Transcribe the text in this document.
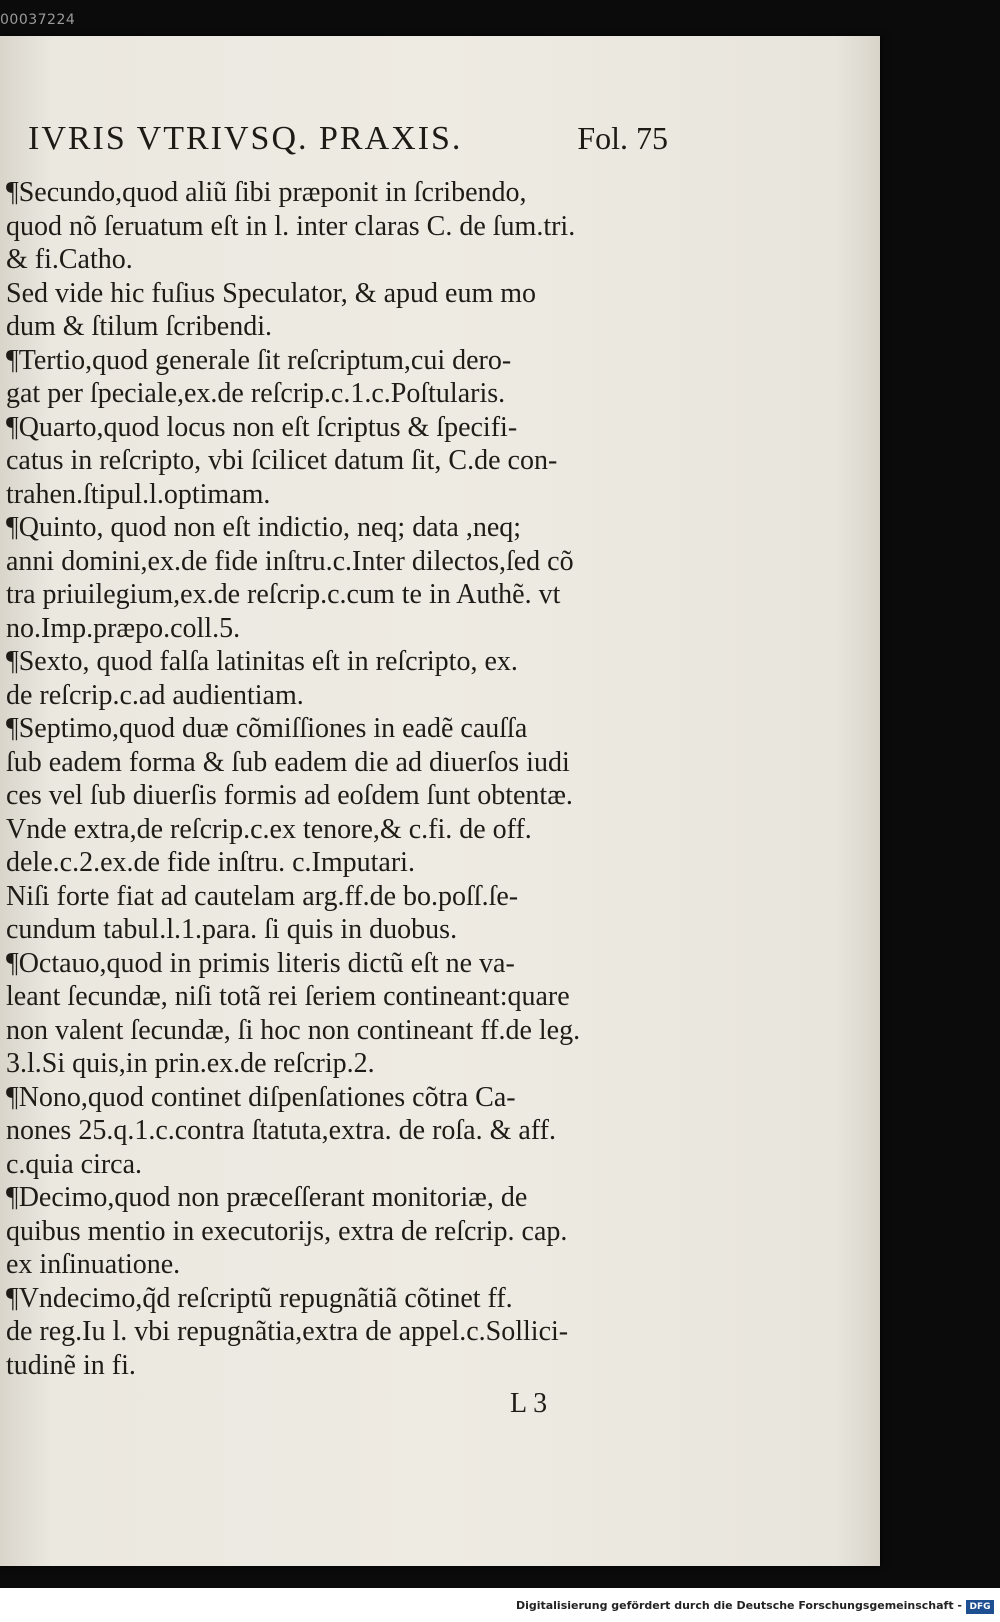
00037224
IVRIS VTRIVSQ. PRAXIS.	Fol. 75
¶Secundo,quod aliũ ſibi præponit in ſcribendo,
quod nõ ſeruatum eſt in l. inter claras C. de ſum.tri.
& fi.Catho.
Sed vide hic fuſius Speculator, & apud eum mo
dum & ſtilum ſcribendi.
¶Tertio,quod generale ſit reſcriptum,cui dero-
gat per ſpeciale,ex.de reſcrip.c.1.c.Poſtularis.
¶Quarto,quod locus non eſt ſcriptus & ſpecifi-
catus in reſcripto, vbi ſcilicet datum ſit, C.de con-
trahen.ſtipul.l.optimam.
¶Quinto, quod non eſt indictio, neq; data ,neq;
anni domini,ex.de fide inſtru.c.Inter dilectos,ſed cõ
tra priuilegium,ex.de reſcrip.c.cum te in Authẽ. vt
no.Imp.præpo.coll.5.
¶Sexto, quod falſa latinitas eſt in reſcripto, ex.
de reſcrip.c.ad audientiam.
¶Septimo,quod duæ cõmiſſiones in eadẽ cauſſa
ſub eadem forma & ſub eadem die ad diuerſos iudi
ces vel ſub diuerſis formis ad eoſdem ſunt obtentæ.
Vnde extra,de reſcrip.c.ex tenore,& c.fi. de off.
dele.c.2.ex.de fide inſtru. c.Imputari.
Niſi forte fiat ad cautelam arg.ff.de bo.poſſ.ſe-
cundum tabul.l.1.para. ſi quis in duobus.
¶Octauo,quod in primis literis dictũ eſt ne va-
leant ſecundæ, niſi totã rei ſeriem contineant:quare
non valent ſecundæ, ſi hoc non contineant ff.de leg.
3.l.Si quis,in prin.ex.de reſcrip.2.
¶Nono,quod continet diſpenſationes cõtra Ca-
nones 25.q.1.c.contra ſtatuta,extra. de roſa. & aff.
c.quia circa.
¶Decimo,quod non præceſſerant monitoriæ, de
quibus mentio in executorijs, extra de reſcrip. cap.
ex inſinuatione.
¶Vndecimo,q̃d reſcriptũ repugnãtiã cõtinet ff.
de reg.Iu l. vbi repugnãtia,extra de appel.c.Sollici-
tudinẽ in fi.
L 3
Digitalisierung gefördert durch die Deutsche Forschungsgemeinschaft - DFG
